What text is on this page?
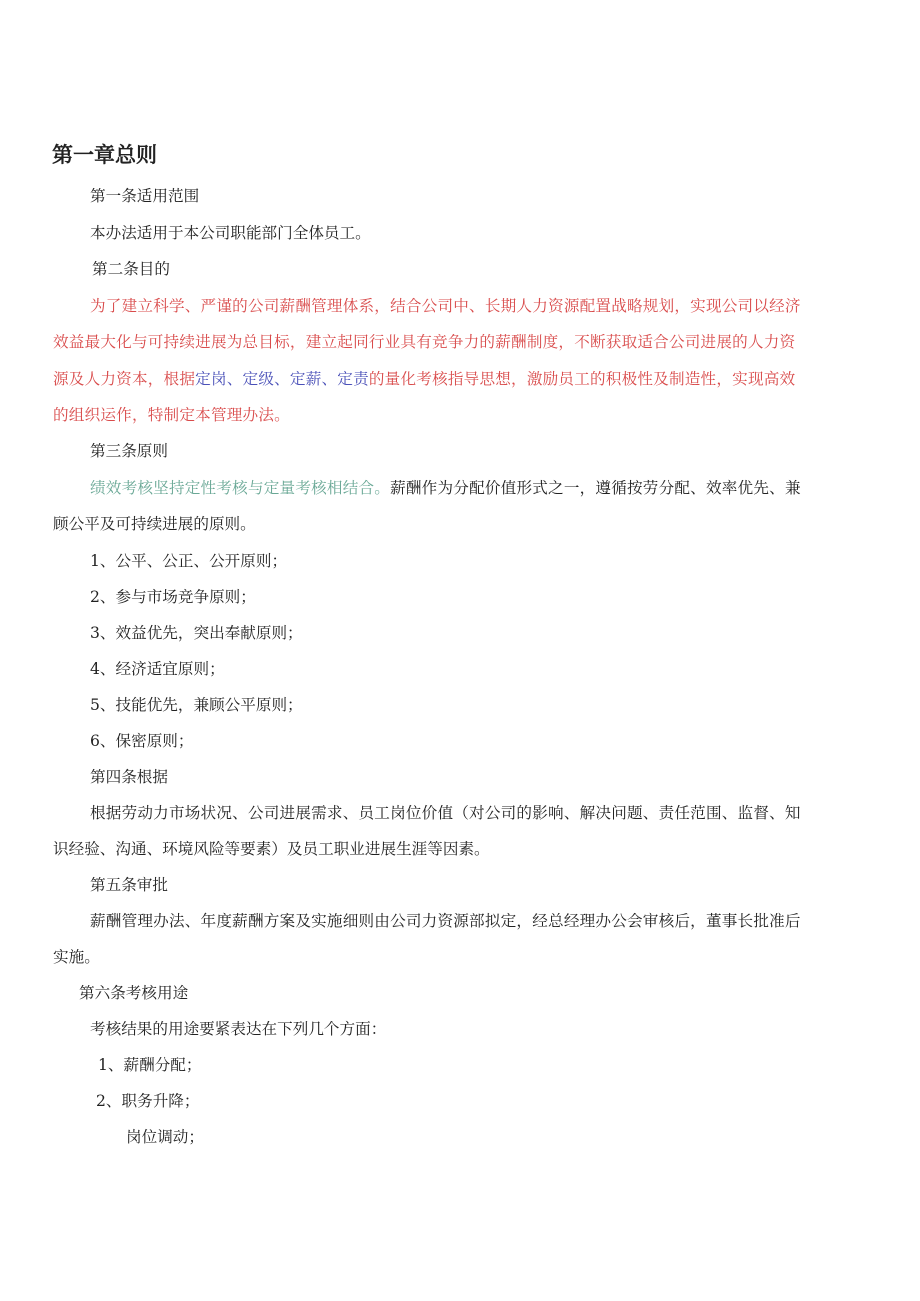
第一章总则

第一条适用范围

本办法适用于本公司职能部门全体员工。

第二条目的

为了建立科学、严谨的公司薪酬管理体系，结合公司中、长期人力资源配置战略规划，实现公司以经济

效益最大化与可持续进展为总目标，建立起同行业具有竞争力的薪酬制度，不断获取适合公司进展的人力资

源及人力资本，根据定岗、定级、定薪、定责的量化考核指导思想，激励员工的积极性及制造性，实现高效

的组织运作，特制定本管理办法。

第三条原则

绩效考核坚持定性考核与定量考核相结合。薪酬作为分配价值形式之一，遵循按劳分配、效率优先、兼

顾公平及可持续进展的原则。

1、公平、公正、公开原则；

2、参与市场竞争原则；

3、效益优先，突出奉献原则；

4、经济适宜原则；

5、技能优先，兼顾公平原则；

6、保密原则；

第四条根据

根据劳动力市场状况、公司进展需求、员工岗位价值（对公司的影响、解决问题、责任范围、监督、知

识经验、沟通、环境风险等要素）及员工职业进展生涯等因素。

第五条审批

薪酬管理办法、年度薪酬方案及实施细则由公司力资源部拟定，经总经理办公会审核后，董事长批准后

实施。

第六条考核用途

考核结果的用途要紧表达在下列几个方面：

1、薪酬分配；

2、职务升降；

岗位调动；
